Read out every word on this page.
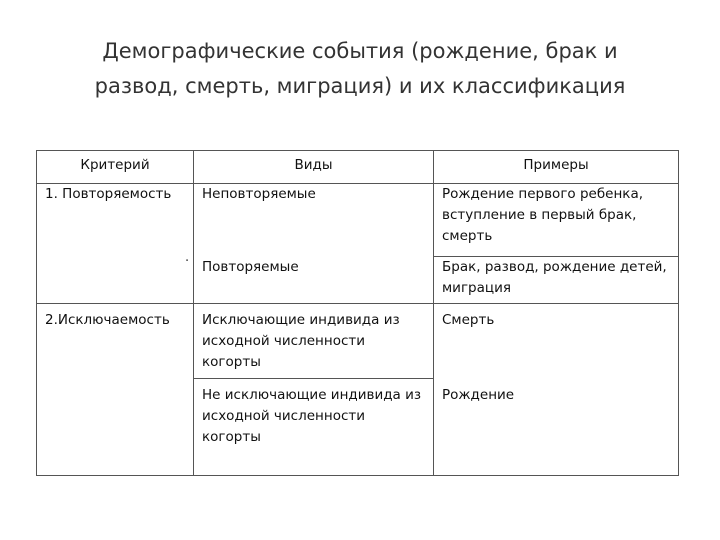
Демографические события (рождение, брак и
развод, смерть, миграция) и их классификация
Критерий	Виды	Примеры
1. Повторяемость	Неповторяемые	Рождение первого ребенка, вступление в первый брак, смерть
	Повторяемые	Брак, развод, рождение детей, миграция
2.Исключаемость	Исключающие индивида из исходной численности когорты	Смерть
	Не исключающие индивида из исходной численности когорты	Рождение
.
